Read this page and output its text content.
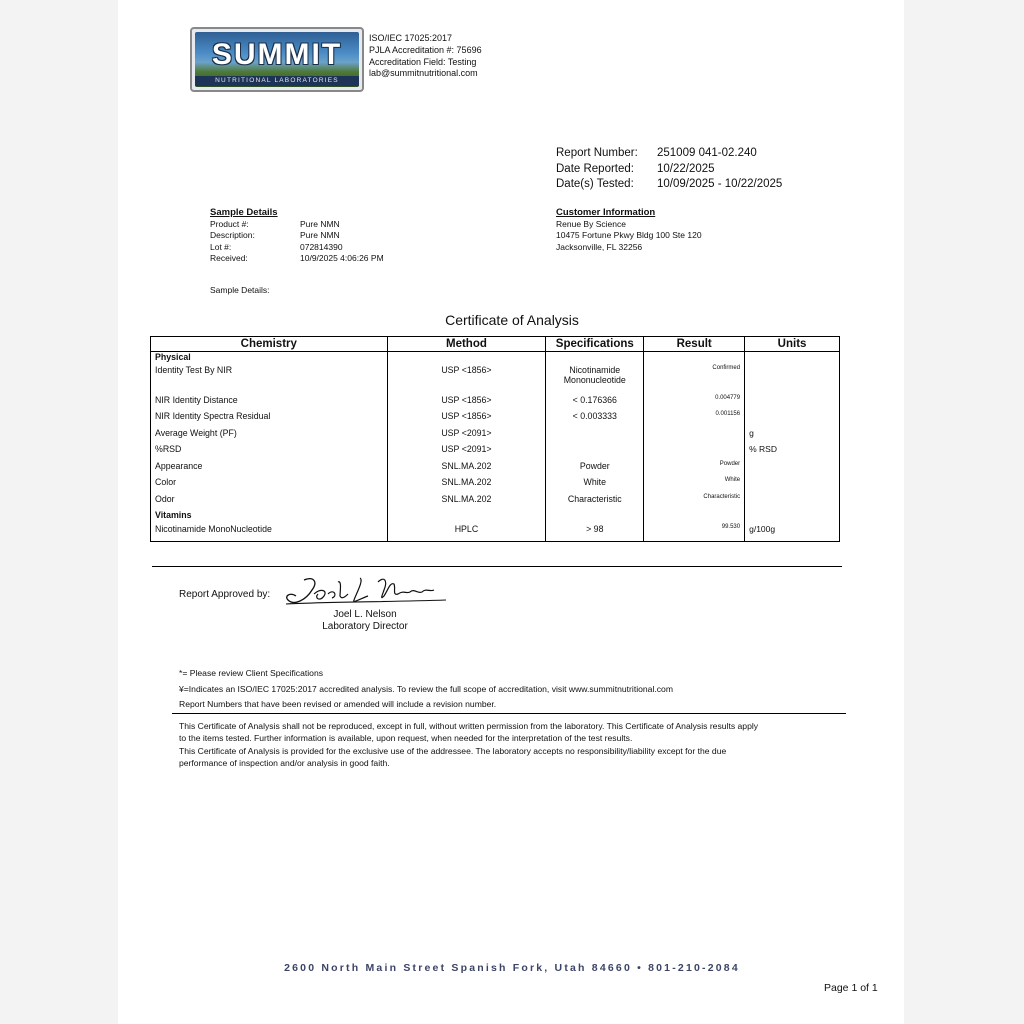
SUMMIT
NUTRITIONAL LABORATORIES
ISO/IEC 17025:2017
PJLA Accreditation #: 75696
Accreditation Field: Testing
lab@summitnutritional.com
Report Number: 251009 041-02.240
Date Reported: 10/22/2025
Date(s) Tested: 10/09/2025 - 10/22/2025
Sample Details
Product #:	Pure NMN
Description:	Pure NMN
Lot #:	072814390
Received:	10/9/2025 4:06:26 PM
Sample Details:
Customer Information
Renue By Science
10475 Fortune Pkwy Bldg 100 Ste 120
Jacksonville, FL 32256
Certificate of Analysis
Chemistry	Method	Specifications	Result	Units
Physical				
Identity Test By NIR	USP <1856>	Nicotinamide
Mononucleotide	Confirmed	
NIR Identity Distance	USP <1856>	< 0.176366	0.004779	
NIR Identity Spectra Residual	USP <1856>	< 0.003333	0.001156	
Average Weight (PF)	USP <2091>			g
%RSD	USP <2091>			% RSD
Appearance	SNL.MA.202	Powder	Powder	
Color	SNL.MA.202	White	White	
Odor	SNL.MA.202	Characteristic	Characteristic	
Vitamins				
Nicotinamide MonoNucleotide	HPLC	> 98	99.530	g/100g
Report Approved by:
Joel L. Nelson
Laboratory Director
*= Please review Client Specifications
¥=Indicates an ISO/IEC 17025:2017 accredited analysis. To review the full scope of accreditation, visit www.summitnutritional.com
Report Numbers that have been revised or amended will include a revision number.
This Certificate of Analysis shall not be reproduced, except in full, without written permission from the laboratory. This Certificate of Analysis results apply
to the items tested. Further information is available, upon request, when needed for the interpretation of the test results.
This Certificate of Analysis is provided for the exclusive use of the addressee. The laboratory accepts no responsibility/liability except for the due
performance of inspection and/or analysis in good faith.
2600 North Main Street Spanish Fork, Utah 84660 • 801-210-2084
Page 1 of 1
